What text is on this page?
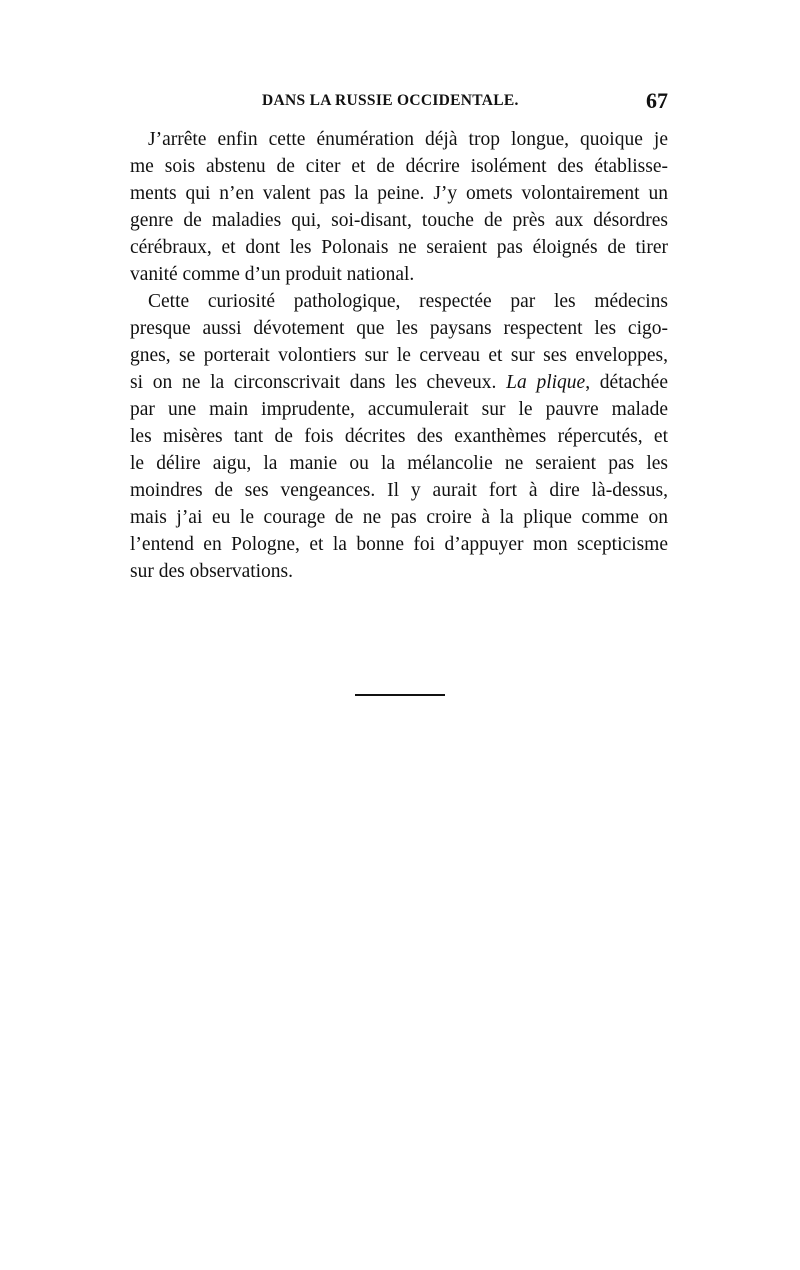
DANS LA RUSSIE OCCIDENTALE.	67

J’arrête enfin cette énumération déjà trop longue, quoique je
me sois abstenu de citer et de décrire isolément des établisse-
ments qui n’en valent pas la peine. J’y omets volontairement un
genre de maladies qui, soi-disant, touche de près aux désordres
cérébraux, et dont les Polonais ne seraient pas éloignés de tirer
vanité comme d’un produit national.

Cette curiosité pathologique, respectée par les médecins
presque aussi dévotement que les paysans respectent les cigo-
gnes, se porterait volontiers sur le cerveau et sur ses enveloppes,
si on ne la circonscrivait dans les cheveux. La plique, détachée
par une main imprudente, accumulerait sur le pauvre malade
les misères tant de fois décrites des exanthèmes répercutés, et
le délire aigu, la manie ou la mélancolie ne seraient pas les
moindres de ses vengeances. Il y aurait fort à dire là-dessus,
mais j’ai eu le courage de ne pas croire à la plique comme on
l’entend en Pologne, et la bonne foi d’appuyer mon scepticisme
sur des observations.
